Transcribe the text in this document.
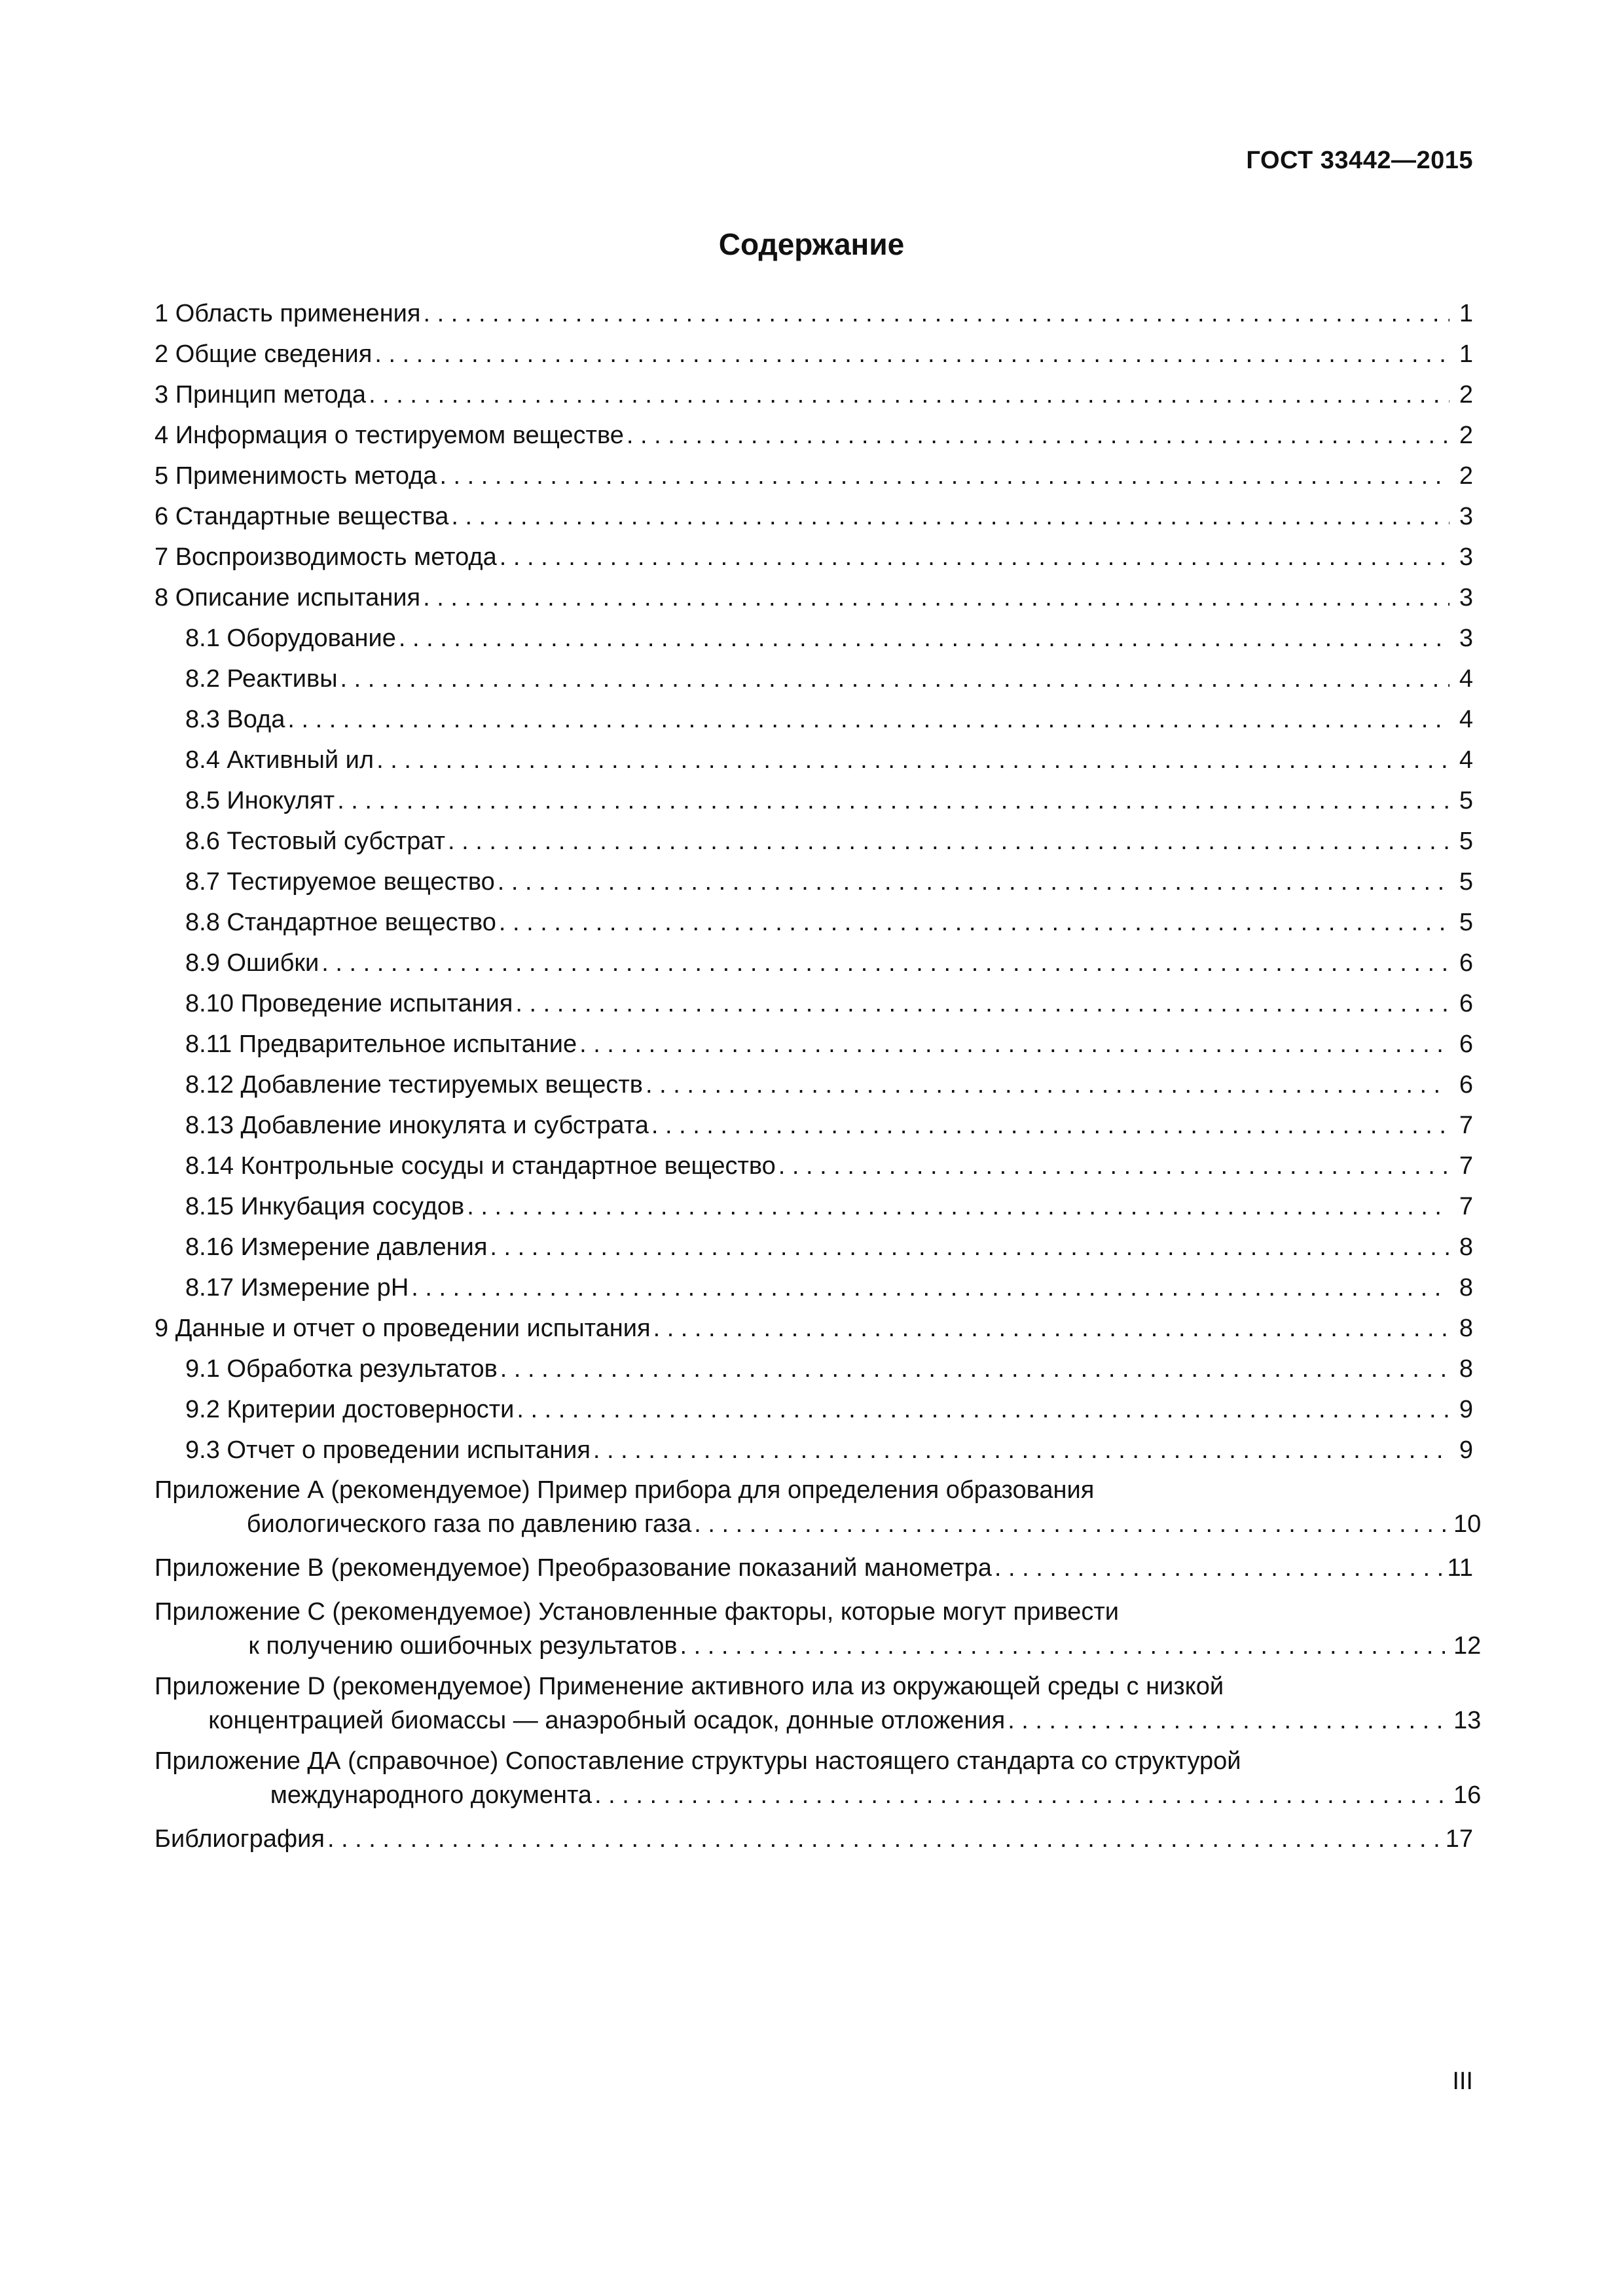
ГОСТ 33442—2015
Содержание
1 Область применения . . .	1
2 Общие сведения . . .	1
3 Принцип метода . . .	2
4 Информация о тестируемом веществе . . .	2
5 Применимость метода . . .	2
6 Стандартные вещества . . .	3
7 Воспроизводимость метода . . .	3
8 Описание испытания . . .	3
8.1 Оборудование . . .	3
8.2 Реактивы . . .	4
8.3 Вода . . .	4
8.4 Активный ил . . .	4
8.5 Инокулят . . .	5
8.6 Тестовый субстрат . . .	5
8.7 Тестируемое вещество . . .	5
8.8 Стандартное вещество . . .	5
8.9 Ошибки . . .	6
8.10 Проведение испытания . . .	6
8.11 Предварительное испытание . . .	6
8.12 Добавление тестируемых веществ . . .	6
8.13 Добавление инокулята и субстрата . . .	7
8.14 Контрольные сосуды и стандартное вещество . . .	7
8.15 Инкубация сосудов . . .	7
8.16 Измерение давления . . .	8
8.17 Измерение pH . . .	8
9 Данные и отчет о проведении испытания . . .	8
9.1 Обработка результатов . . .	8
9.2 Критерии достоверности . . .	9
9.3 Отчет о проведении испытания . . .	9
Приложение А (рекомендуемое) Пример прибора для определения образования
биологического газа по давлению газа . . .	10
Приложение В (рекомендуемое) Преобразование показаний манометра . . .	11
Приложение С (рекомендуемое) Установленные факторы, которые могут привести
к получению ошибочных результатов . . .	12
Приложение D (рекомендуемое) Применение активного ила из окружающей среды с низкой
концентрацией биомассы — анаэробный осадок, донные отложения . . .	13
Приложение ДА (справочное) Сопоставление структуры настоящего стандарта со структурой
международного документа . . .	16
Библиография . . .	17
III
